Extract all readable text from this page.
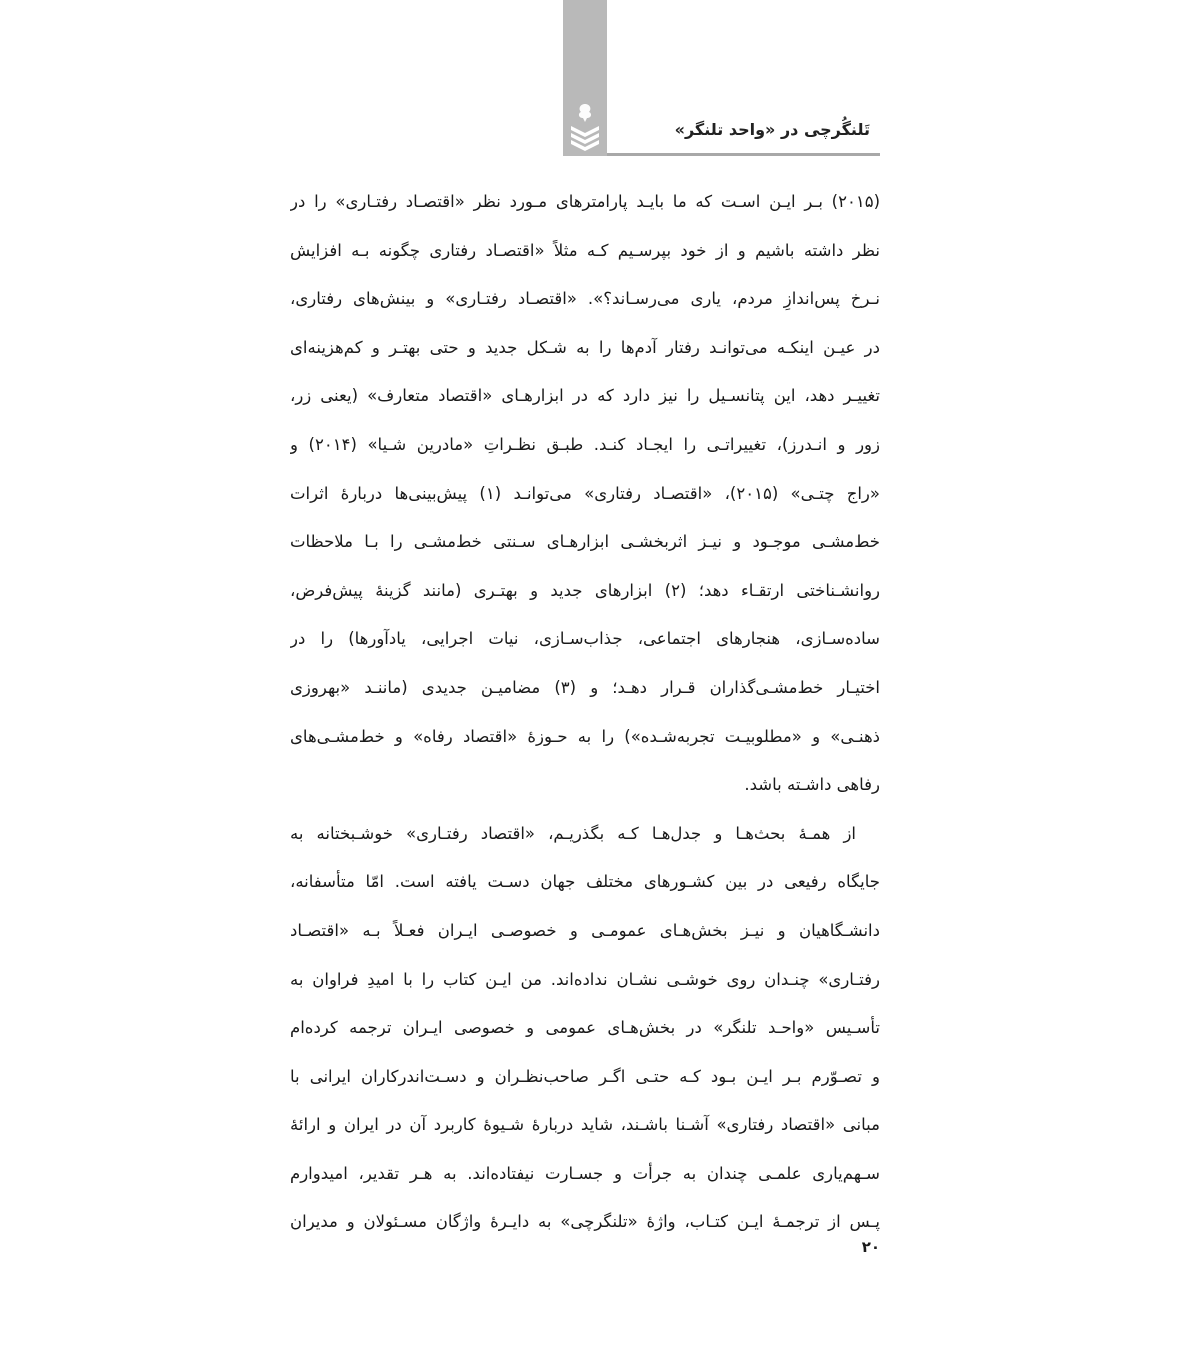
تَلنگُرچی در «واحد تلنگر»
(۲۰۱۵) بـر ایـن اسـت که ما بایـد پارامترهای مـورد نظر «اقتصـاد رفتـاری» را در
نظر داشته باشیم و از خود بپرسـیم کـه مثلاً «اقتصـاد رفتاری چگونه بـه افزایش
نـرخ پس‌اندازِ مردم، یاری می‌رسـاند؟». «اقتصـاد رفتـاری» و بینش‌های رفتاری،
در عیـن اینکـه می‌توانـد رفتار آدم‌ها را به شـکل جدید و حتی بهتـر و کم‌هزینه‌ای
تغییـر دهد، این پتانسـیل را نیز دارد که در ابزارهـای «اقتصاد متعارف» (یعنی زر،
زور و انـدرز)، تغییراتـی را ایجـاد کنـد. طبـق نظـراتِ «مادرین شـیا» (۲۰۱۴) و
«راج چتـی» (۲۰۱۵)، «اقتصـاد رفتاری» می‌توانـد (۱) پیش‌بینی‌ها دربارهٔ اثرات
خط‌مشـی موجـود و نیـز اثربخشـی ابزارهـای سـنتی خط‌مشـی را بـا ملاحظات
روانشـناختی ارتقـاء دهد؛ (۲) ابزارهای جدید و بهتـری (مانند گزینهٔ پیش‌فرض،
ساده‌سـازی، هنجارهای اجتماعی، جذاب‌سـازی، نیات اجرایی، یادآورها) را در
اختیـار خط‌مشـی‌گذاران قـرار دهـد؛ و (۳) مضامیـن جدیدی (ماننـد «بهروزی
ذهنـی» و «مطلوبیـت تجربه‌شـده») را به حـوزهٔ «اقتصاد رفاه» و خط‌مشـی‌های
رفاهی داشـته باشد.
از همـهٔ بحث‌هـا و جدل‌هـا کـه بگذریـم، «اقتصاد رفتـاری» خوشـبختانه به
جایگاه رفیعی در بین کشـورهای مختلف جهان دسـت یافته است. امّا متأسفانه،
دانشـگاهیان و نیـز بخش‌هـای عمومـی و خصوصـی ایـران فعـلاً بـه «اقتصـاد
رفتـاری» چنـدان روی خوشـی نشـان نداده‌اند. من ایـن کتاب را با امیدِ فراوان به
تأسـیس «واحـد تلنگر» در بخش‌هـای عمومی و خصوصی ایـران ترجمه کرده‌ام
و تصـوّرم بـر ایـن بـود کـه حتـی اگـر صاحب‌نظـران و دسـت‌اندرکاران ایرانی با
مبانی «اقتصاد رفتاری» آشـنا باشـند، شاید دربارهٔ شـیوهٔ کاربرد آن در ایران و ارائهٔ
سـهم‌یاری علمـی چندان به جرأت و جسـارت نیفتاده‌اند. به هـر تقدیر، امیدوارم
پـس از ترجمـهٔ ایـن کتـاب، واژهٔ «تلنگرچی» به دایـرهٔ واژگان مسـئولان و مدیران
۲۰
